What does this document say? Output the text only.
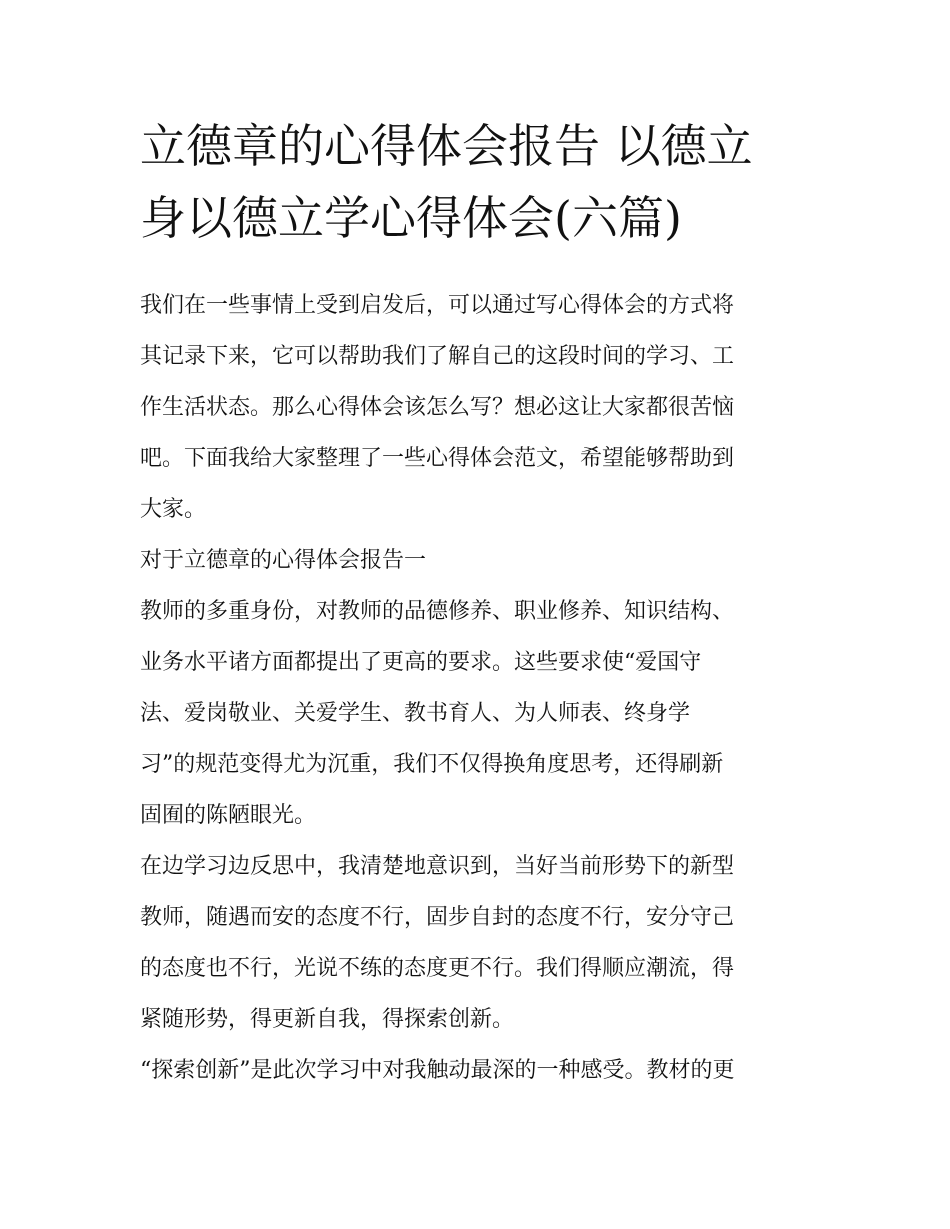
立德章的心得体会报告 以德立
身以德立学心得体会(六篇)
我们在一些事情上受到启发后，可以通过写心得体会的方式将
其记录下来，它可以帮助我们了解自己的这段时间的学习、工
作生活状态。那么心得体会该怎么写？想必这让大家都很苦恼
吧。下面我给大家整理了一些心得体会范文，希望能够帮助到
大家。
对于立德章的心得体会报告一
教师的多重身份，对教师的品德修养、职业修养、知识结构、
业务水平诸方面都提出了更高的要求。这些要求使“爱国守
法、爱岗敬业、关爱学生、教书育人、为人师表、终身学
习”的规范变得尤为沉重，我们不仅得换角度思考，还得刷新
固囿的陈陋眼光。
在边学习边反思中，我清楚地意识到，当好当前形势下的新型
教师，随遇而安的态度不行，固步自封的态度不行，安分守己
的态度也不行，光说不练的态度更不行。我们得顺应潮流，得
紧随形势，得更新自我，得探索创新。
“探索创新”是此次学习中对我触动最深的一种感受。教材的更
